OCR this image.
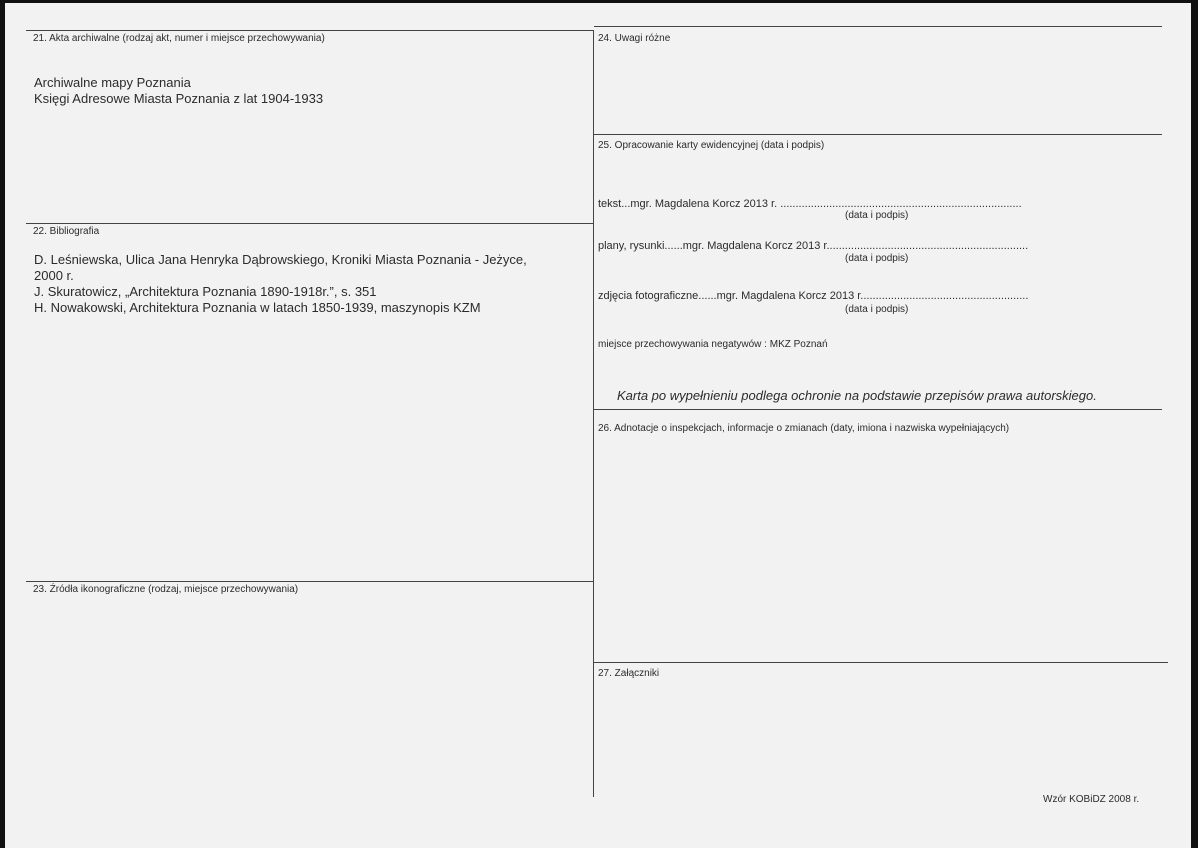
21. Akta archiwalne (rodzaj akt, numer i miejsce przechowywania)
Archiwalne mapy Poznania
Księgi Adresowe Miasta Poznania z lat 1904-1933
22. Bibliografia
D. Leśniewska, Ulica Jana Henryka Dąbrowskiego, Kroniki Miasta Poznania - Jeżyce,
2000 r.
J. Skuratowicz, „Architektura Poznania 1890-1918r.”, s. 351
H. Nowakowski, Architektura Poznania w latach 1850-1939, maszynopis KZM
23. Źródła ikonograficzne (rodzaj, miejsce przechowywania)
24. Uwagi różne
25. Opracowanie karty ewidencyjnej (data i podpis)
tekst...mgr. Magdalena Korcz 2013 r. ...............................................................................
(data i podpis)
plany, rysunki......mgr. Magdalena Korcz 2013 r..................................................................
(data i podpis)
zdjęcia fotograficzne......mgr. Magdalena Korcz 2013 r.......................................................
(data i podpis)
miejsce przechowywania negatywów : MKZ Poznań
Karta po wypełnieniu podlega ochronie na podstawie przepisów prawa autorskiego.
26. Adnotacje o inspekcjach, informacje o zmianach (daty, imiona i nazwiska wypełniających)
27. Załączniki
Wzór KOBiDZ 2008 r.
